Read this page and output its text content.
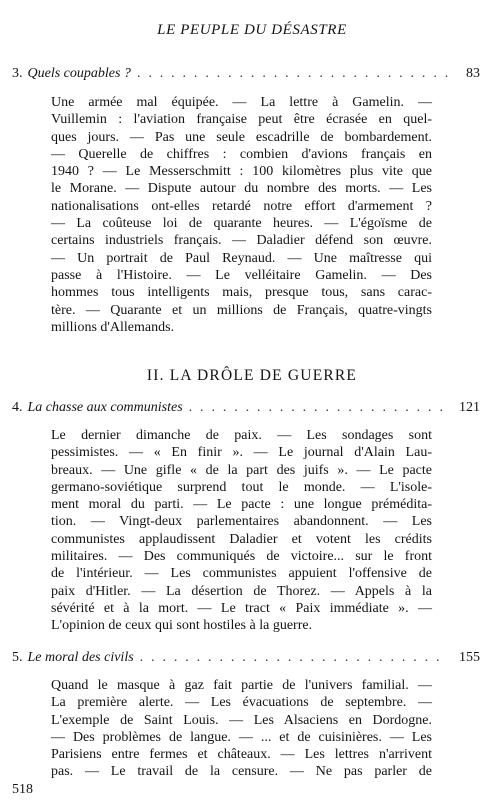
LE PEUPLE DU DÉSASTRE
3. Quels coupables ? . . .	83

Une armée mal équipée. — La lettre à Gamelin. —
Vuillemin : l'aviation française peut être écrasée en quel-
ques jours. — Pas une seule escadrille de bombardement.
— Querelle de chiffres : combien d'avions français en
1940 ? — Le Messerschmitt : 100 kilomètres plus vite que
le Morane. — Dispute autour du nombre des morts. — Les
nationalisations ont-elles retardé notre effort d'armement ?
— La coûteuse loi de quarante heures. — L'égoïsme de
certains industriels français. — Daladier défend son œuvre.
— Un portrait de Paul Reynaud. — Une maîtresse qui
passe à l'Histoire. — Le velléitaire Gamelin. — Des
hommes tous intelligents mais, presque tous, sans carac-
tère. — Quarante et un millions de Français, quatre-vingts
millions d'Allemands.

II. LA DRÔLE DE GUERRE
4. La chasse aux communistes . . .	121

Le dernier dimanche de paix. — Les sondages sont
pessimistes. — « En finir ». — Le journal d'Alain Lau-
breaux. — Une gifle « de la part des juifs ». — Le pacte
germano-soviétique surprend tout le monde. — L'isole-
ment moral du parti. — Le pacte : une longue prémédita-
tion. — Vingt-deux parlementaires abandonnent. — Les
communistes applaudissent Daladier et votent les crédits
militaires. — Des communiqués de victoire... sur le front
de l'intérieur. — Les communistes appuient l'offensive de
paix d'Hitler. — La désertion de Thorez. — Appels à la
sévérité et à la mort. — Le tract « Paix immédiate ». —
L'opinion de ceux qui sont hostiles à la guerre.

5. Le moral des civils . . .	155

Quand le masque à gaz fait partie de l'univers familial. —
La première alerte. — Les évacuations de septembre. —
L'exemple de Saint Louis. — Les Alsaciens en Dordogne.
— Des problèmes de langue. — ... et de cuisinières. — Les
Parisiens entre fermes et châteaux. — Les lettres n'arrivent
pas. — Le travail de la censure. — Ne pas parler de

518
